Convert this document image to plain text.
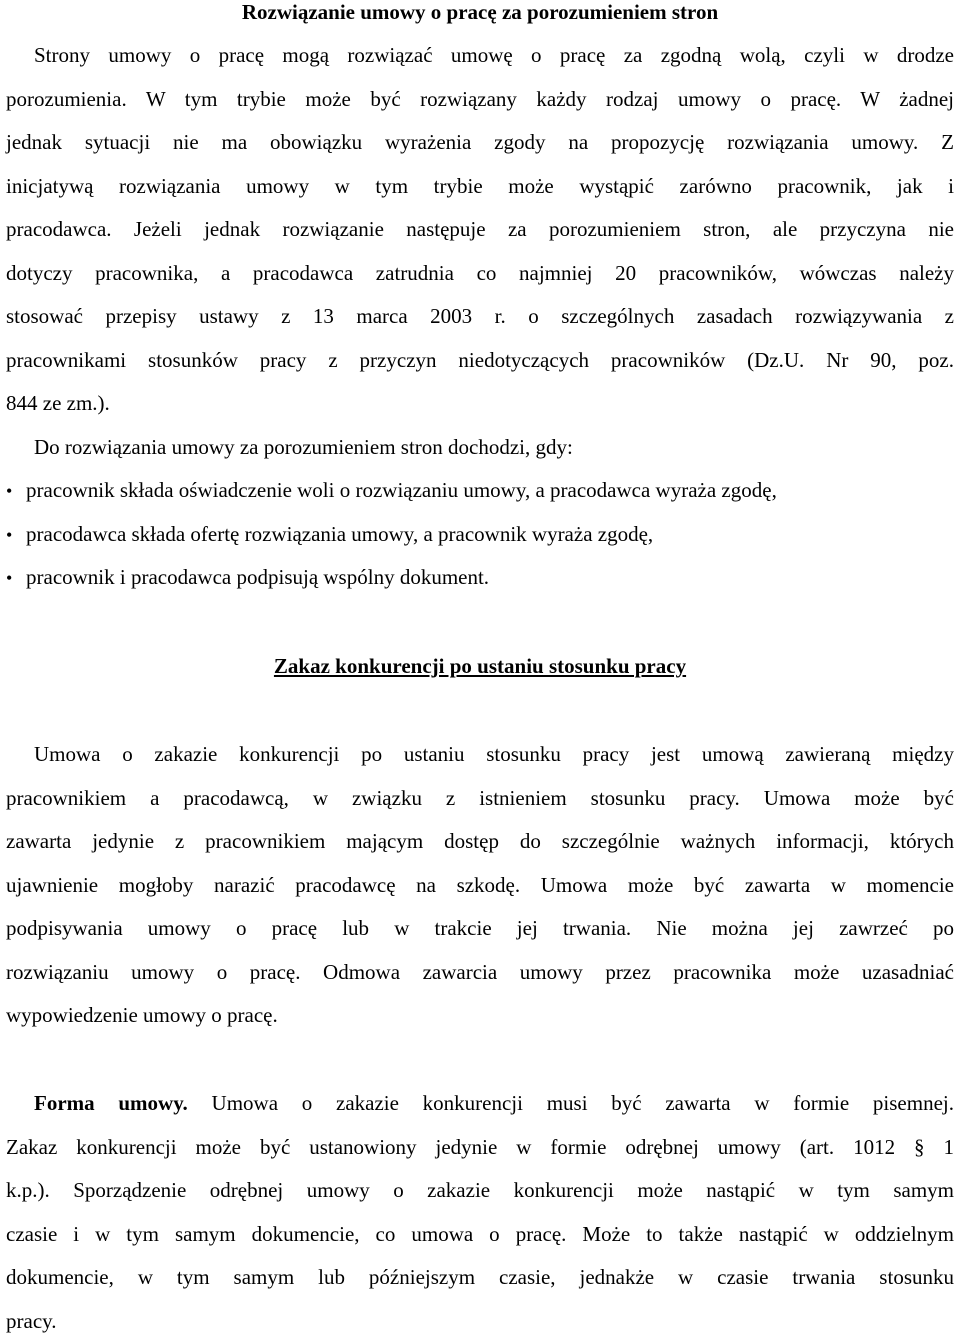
Rozwiązanie umowy o pracę za porozumieniem stron
Strony umowy o pracę mogą rozwiązać umowę o pracę za zgodną wolą, czyli w drodze
porozumienia. W tym trybie może być rozwiązany każdy rodzaj umowy o pracę. W żadnej
jednak sytuacji nie ma obowiązku wyrażenia zgody na propozycję rozwiązania umowy. Z
inicjatywą rozwiązania umowy w tym trybie może wystąpić zarówno pracownik, jak i
pracodawca. Jeżeli jednak rozwiązanie następuje za porozumieniem stron, ale przyczyna nie
dotyczy pracownika, a pracodawca zatrudnia co najmniej 20 pracowników, wówczas należy
stosować przepisy ustawy z 13 marca 2003 r. o szczególnych zasadach rozwiązywania z
pracownikami stosunków pracy z przyczyn niedotyczących pracowników (Dz.U. Nr 90, poz.
844 ze zm.).
Do rozwiązania umowy za porozumieniem stron dochodzi, gdy:
• pracownik składa oświadczenie woli o rozwiązaniu umowy, a pracodawca wyraża zgodę,
• pracodawca składa ofertę rozwiązania umowy, a pracownik wyraża zgodę,
• pracownik i pracodawca podpisują wspólny dokument.
Zakaz konkurencji po ustaniu stosunku pracy
Umowa o zakazie konkurencji po ustaniu stosunku pracy jest umową zawieraną między
pracownikiem a pracodawcą, w związku z istnieniem stosunku pracy. Umowa może być
zawarta jedynie z pracownikiem mającym dostęp do szczególnie ważnych informacji, których
ujawnienie mogłoby narazić pracodawcę na szkodę. Umowa może być zawarta w momencie
podpisywania umowy o pracę lub w trakcie jej trwania. Nie można jej zawrzeć po
rozwiązaniu umowy o pracę. Odmowa zawarcia umowy przez pracownika może uzasadniać
wypowiedzenie umowy o pracę.
Forma umowy. Umowa o zakazie konkurencji musi być zawarta w formie pisemnej.
Zakaz konkurencji może być ustanowiony jedynie w formie odrębnej umowy (art. 1012 § 1
k.p.). Sporządzenie odrębnej umowy o zakazie konkurencji może nastąpić w tym samym
czasie i w tym samym dokumencie, co umowa o pracę. Może to także nastąpić w oddzielnym
dokumencie, w tym samym lub późniejszym czasie, jednakże w czasie trwania stosunku
pracy.
